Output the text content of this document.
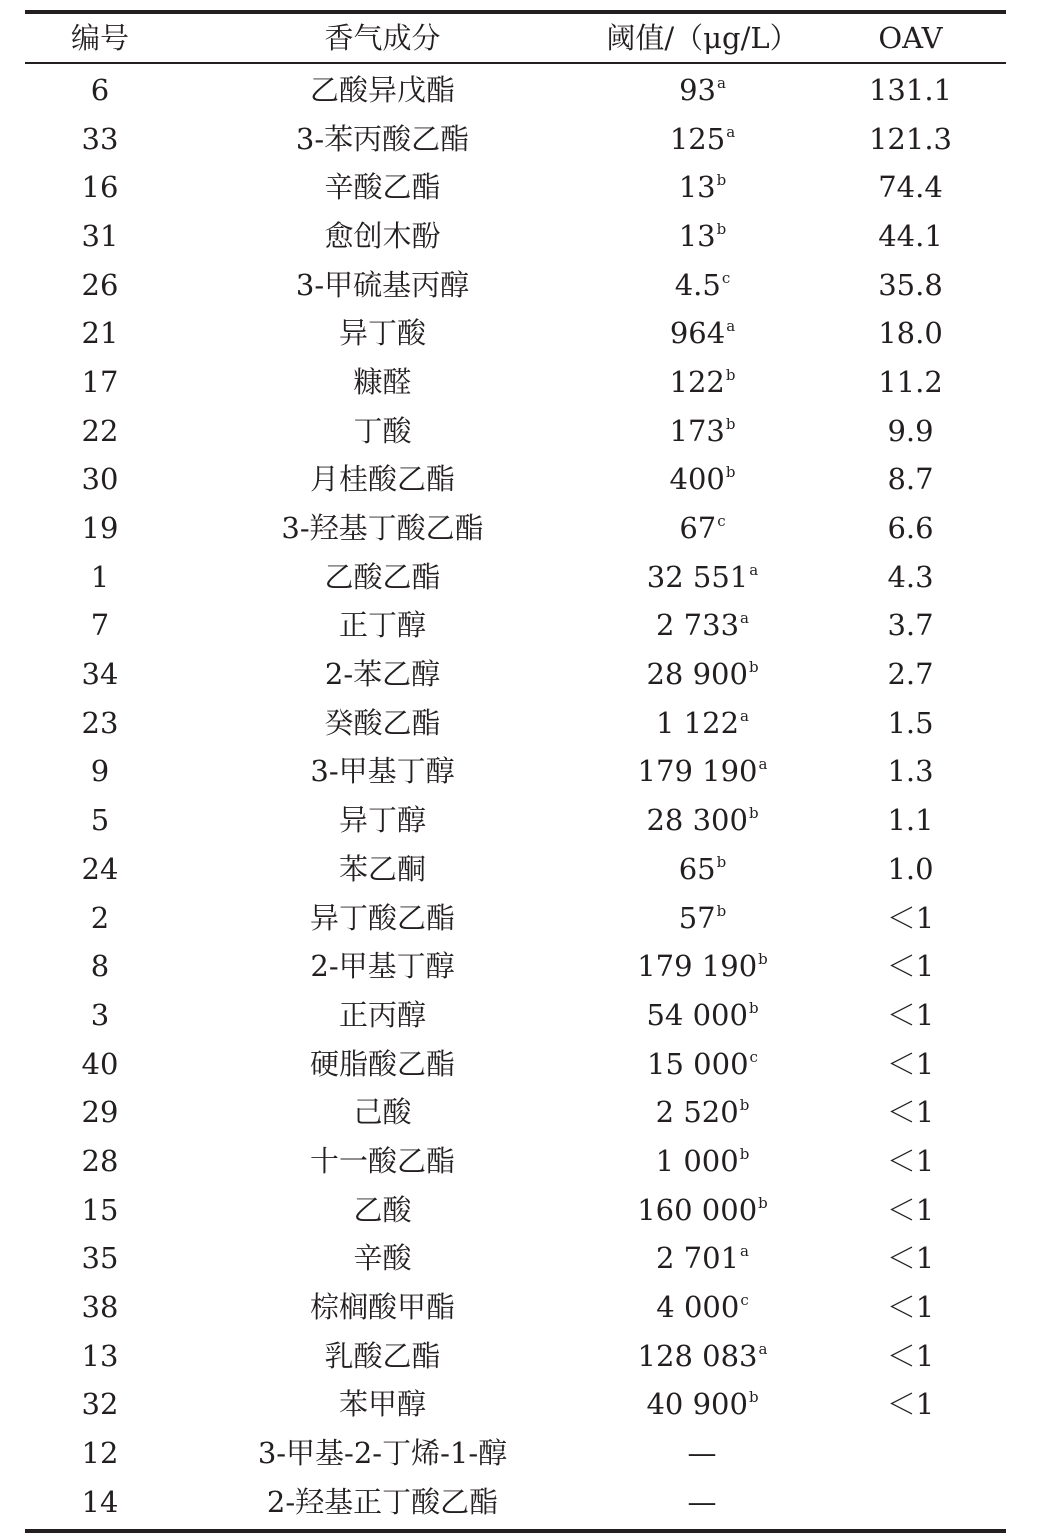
编号	香气成分	阈值/（μg/L）	OAV
6	乙酸异戊酯	93$^a$	131.1
33	3-苯丙酸乙酯	125$^a$	121.3
16	辛酸乙酯	13$^b$	74.4
31	愈创木酚	13$^b$	44.1
26	3-甲硫基丙醇	4.5$^c$	35.8
21	异丁酸	964$^a$	18.0
17	糠醛	122$^b$	11.2
22	丁酸	173$^b$	9.9
30	月桂酸乙酯	400$^b$	8.7
19	3-羟基丁酸乙酯	67$^c$	6.6
1	乙酸乙酯	32 551$^a$	4.3
7	正丁醇	2 733$^a$	3.7
34	2-苯乙醇	28 900$^b$	2.7
23	癸酸乙酯	1 122$^a$	1.5
9	3-甲基丁醇	179 190$^a$	1.3
5	异丁醇	28 300$^b$	1.1
24	苯乙酮	65$^b$	1.0
2	异丁酸乙酯	$57^b$	＜1
8	2-甲基丁醇	179 $190^b$	＜1
3	正丙醇	54 $000^b$	＜1
40	硬脂酸乙酯	15 $000^c$	＜1
29	己酸	2 $520^b$	＜1
28	十一酸乙酯	1 $000^b$	＜1
15	乙酸	160 $000^b$	＜1
35	辛酸	2 $701^a$	＜1
38	棕榈酸甲酯	4 $000^c$	＜1
13	乳酸乙酯	128 $083^a$	＜1
32	苯甲醇	40 $900^b$	＜1
12	3-甲基-2-丁烯-1-醇	—
14	2-羟基正丁酸乙酯	—
